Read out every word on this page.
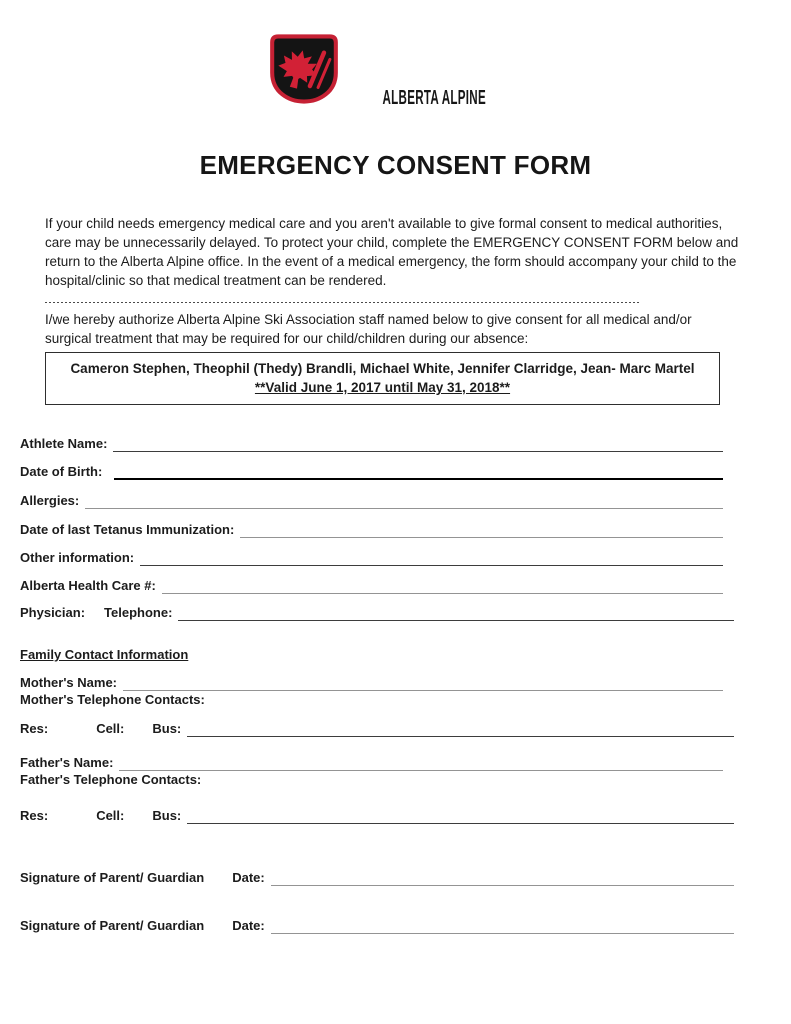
ALBERTA ALPINE
EMERGENCY CONSENT FORM
If your child needs emergency medical care and you aren't available to give formal consent to medical authorities, care may be unnecessarily delayed. To protect your child, complete the EMERGENCY CONSENT FORM below and return to the Alberta Alpine office. In the event of a medical emergency, the form should accompany your child to the hospital/clinic so that medical treatment can be rendered.
I/we hereby authorize Alberta Alpine Ski Association staff named below to give consent for all medical and/or surgical treatment that may be required for our child/children during our absence:
Cameron Stephen, Theophil (Thedy) Brandli, Michael White, Jennifer Clarridge, Jean- Marc Martel
**Valid June 1, 2017 until May 31, 2018**
Athlete Name:
Date of Birth:
Allergies:
Date of last Tetanus Immunization:
Other information:
Alberta Health Care #:
Physician: Telephone:
Family Contact Information
Mother's Name:
Mother's Telephone Contacts:
Res:	Cell: Bus:
Father's Name:
Father's Telephone Contacts:
Res:	Cell: Bus:
Signature of Parent/ Guardian Date:
Signature of Parent/ Guardian Date:
